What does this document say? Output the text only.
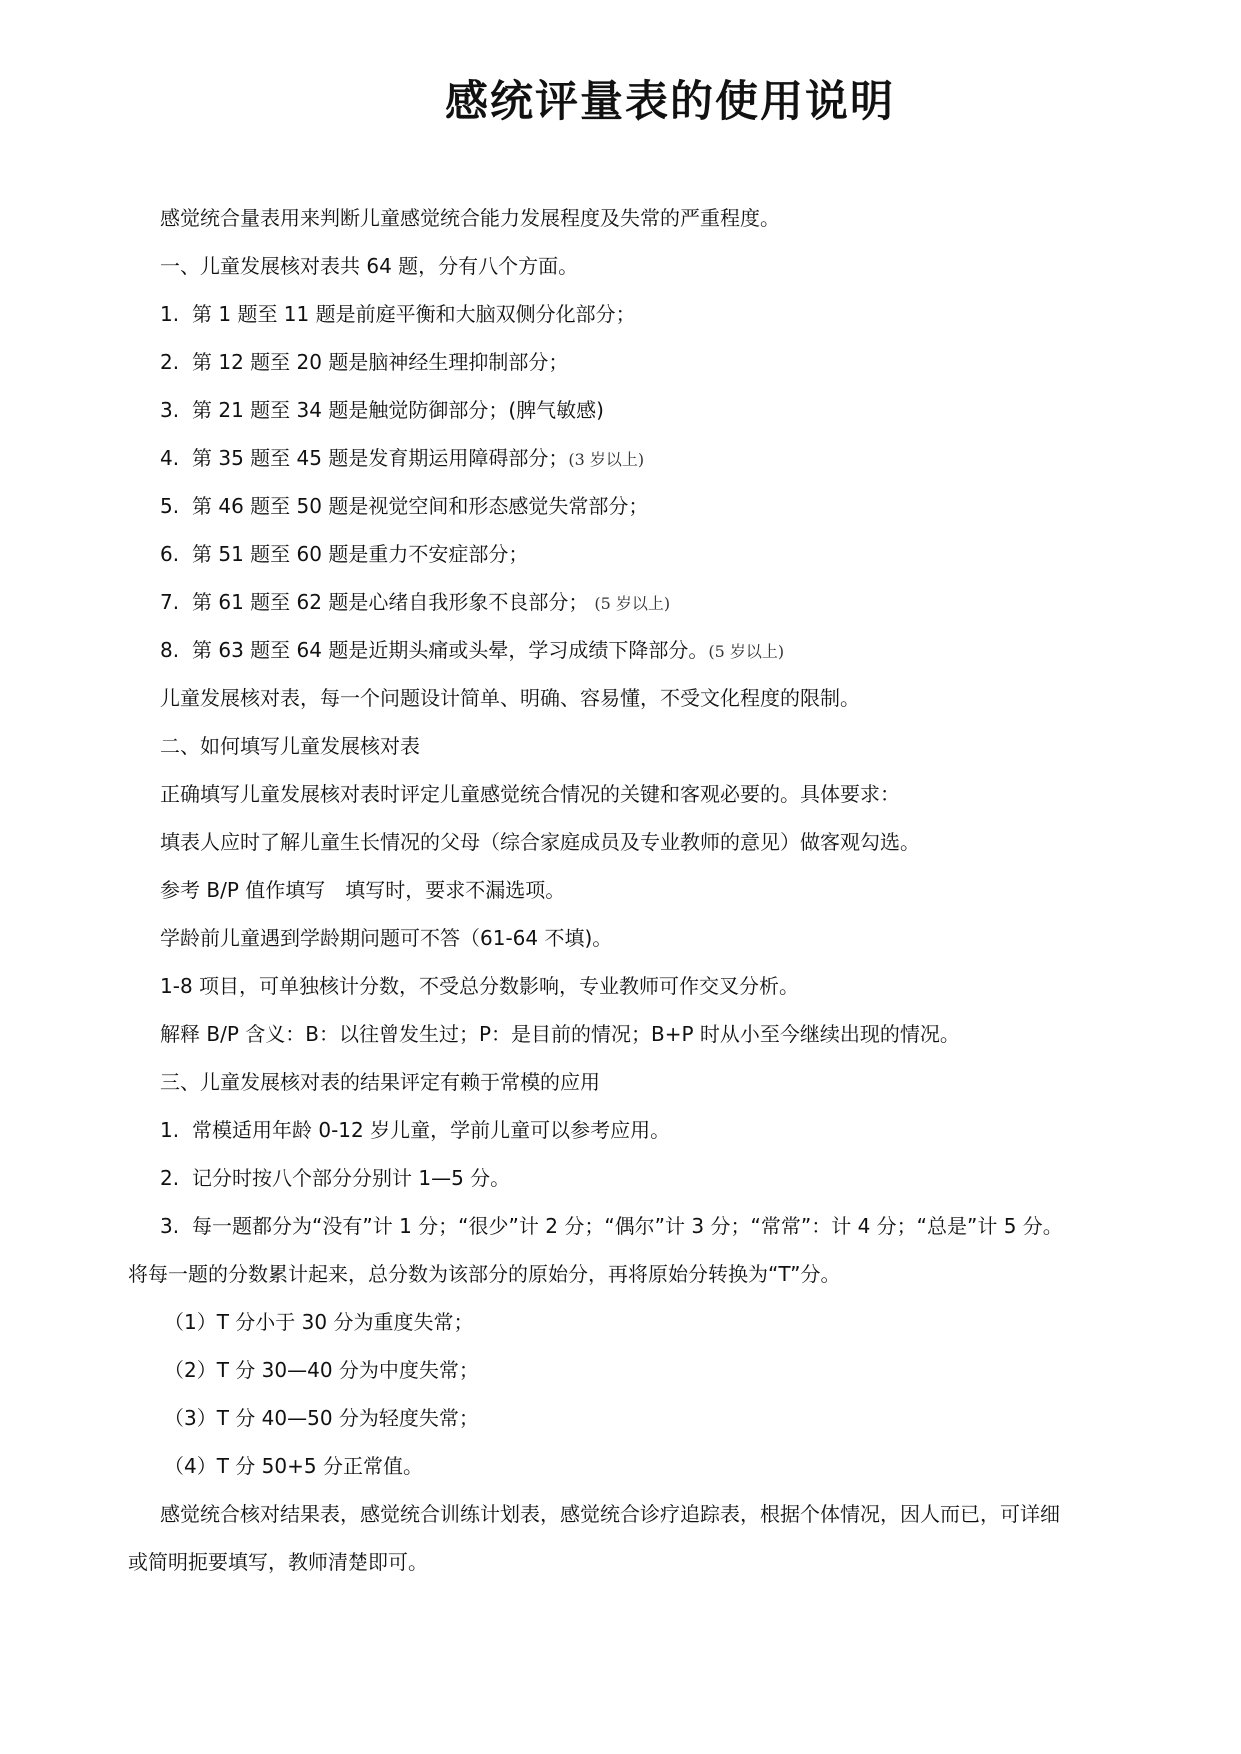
感统评量表的使用说明
感觉统合量表用来判断儿童感觉统合能力发展程度及失常的严重程度。
一、儿童发展核对表共 64 题，分有八个方面。
1. 第 1 题至 11 题是前庭平衡和大脑双侧分化部分；
2. 第 12 题至 20 题是脑神经生理抑制部分；
3. 第 21 题至 34 题是触觉防御部分；(脾气敏感)
4. 第 35 题至 45 题是发育期运用障碍部分；(3 岁以上)
5. 第 46 题至 50 题是视觉空间和形态感觉失常部分；
6. 第 51 题至 60 题是重力不安症部分；
7. 第 61 题至 62 题是心绪自我形象不良部分；　(5 岁以上)
8. 第 63 题至 64 题是近期头痛或头晕，学习成绩下降部分。(5 岁以上)
儿童发展核对表，每一个问题设计简单、明确、容易懂，不受文化程度的限制。
二、如何填写儿童发展核对表
正确填写儿童发展核对表时评定儿童感觉统合情况的关键和客观必要的。具体要求：
填表人应时了解儿童生长情况的父母（综合家庭成员及专业教师的意见）做客观勾选。
参考 B/P 值作填写　填写时，要求不漏选项。
学龄前儿童遇到学龄期问题可不答（61-64 不填)。
1-8 项目，可单独核计分数，不受总分数影响，专业教师可作交叉分析。
解释 B/P 含义：B：以往曾发生过；P：是目前的情况；B+P 时从小至今继续出现的情况。
三、儿童发展核对表的结果评定有赖于常模的应用
1. 常模适用年龄 0-12 岁儿童，学前儿童可以参考应用。
2. 记分时按八个部分分别计 1—5 分。
3. 每一题都分为“没有”计 1 分；“很少”计 2 分；“偶尔”计 3 分；“常常”：计 4 分；“总是”计 5 分。
将每一题的分数累计起来，总分数为该部分的原始分，再将原始分转换为“T”分。
（1）T 分小于 30 分为重度失常；
（2）T 分 30—40 分为中度失常；
（3）T 分 40—50 分为轻度失常；
（4）T 分 50+5 分正常值。
感觉统合核对结果表，感觉统合训练计划表，感觉统合诊疗追踪表，根据个体情况，因人而已，可详细
或简明扼要填写，教师清楚即可。
